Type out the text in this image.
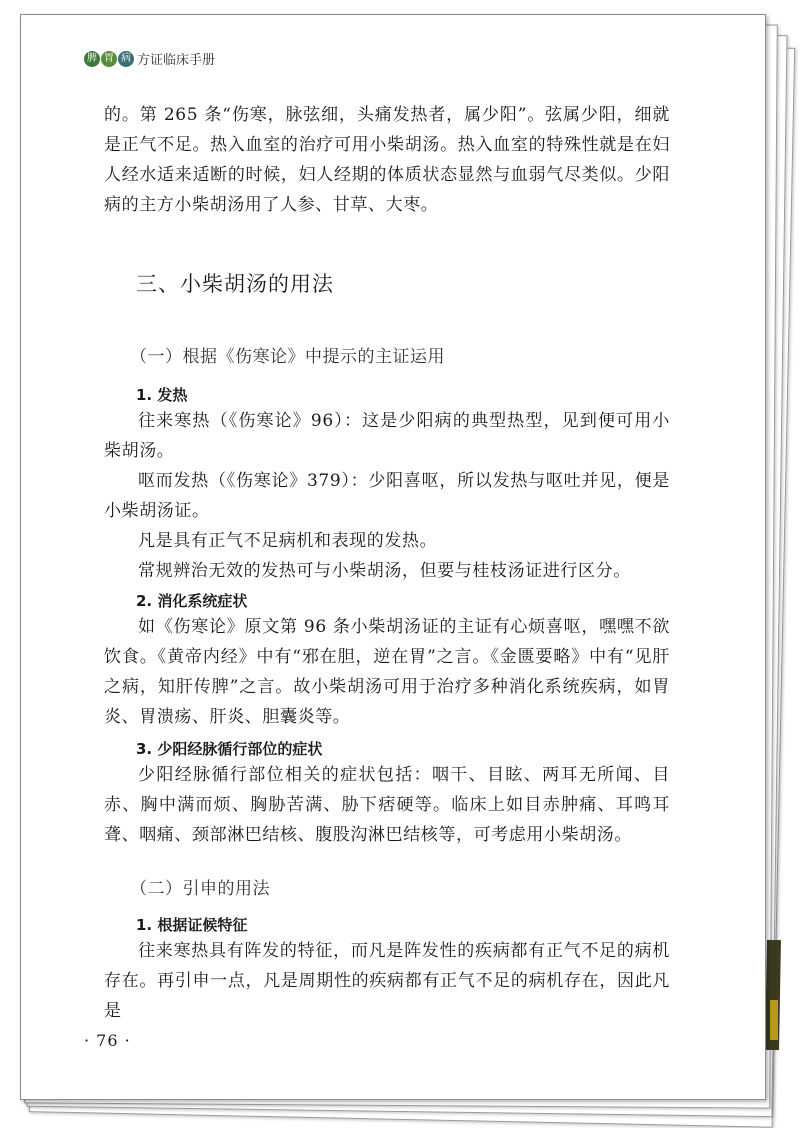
脾 胃 病 方证临床手册

的。第 265 条“伤寒，脉弦细，头痛发热者，属少阳”。弦属少阳，细就是正气不足。热入血室的治疗可用小柴胡汤。热入血室的特殊性就是在妇人经水适来适断的时候，妇人经期的体质状态显然与血弱气尽类似。少阳病的主方小柴胡汤用了人参、甘草、大枣。

三、小柴胡汤的用法
（一）根据《伤寒论》中提示的主证运用
1. 发热

往来寒热（《伤寒论》96）：这是少阳病的典型热型，见到便可用小柴胡汤。

呕而发热（《伤寒论》379）：少阳喜呕，所以发热与呕吐并见，便是小柴胡汤证。

凡是具有正气不足病机和表现的发热。

常规辨治无效的发热可与小柴胡汤，但要与桂枝汤证进行区分。

2. 消化系统症状

如《伤寒论》原文第 96 条小柴胡汤证的主证有心烦喜呕，嘿嘿不欲饮食。《黄帝内经》中有“邪在胆，逆在胃”之言。《金匮要略》中有“见肝之病，知肝传脾”之言。故小柴胡汤可用于治疗多种消化系统疾病，如胃炎、胃溃疡、肝炎、胆囊炎等。

3. 少阳经脉循行部位的症状

少阳经脉循行部位相关的症状包括：咽干、目眩、两耳无所闻、目赤、胸中满而烦、胸胁苦满、胁下痞硬等。临床上如目赤肿痛、耳鸣耳聋、咽痛、颈部淋巴结核、腹股沟淋巴结核等，可考虑用小柴胡汤。

（二）引申的用法
1. 根据证候特征

往来寒热具有阵发的特征，而凡是阵发性的疾病都有正气不足的病机存在。再引申一点，凡是周期性的疾病都有正气不足的病机存在，因此凡是

· 76 ·
